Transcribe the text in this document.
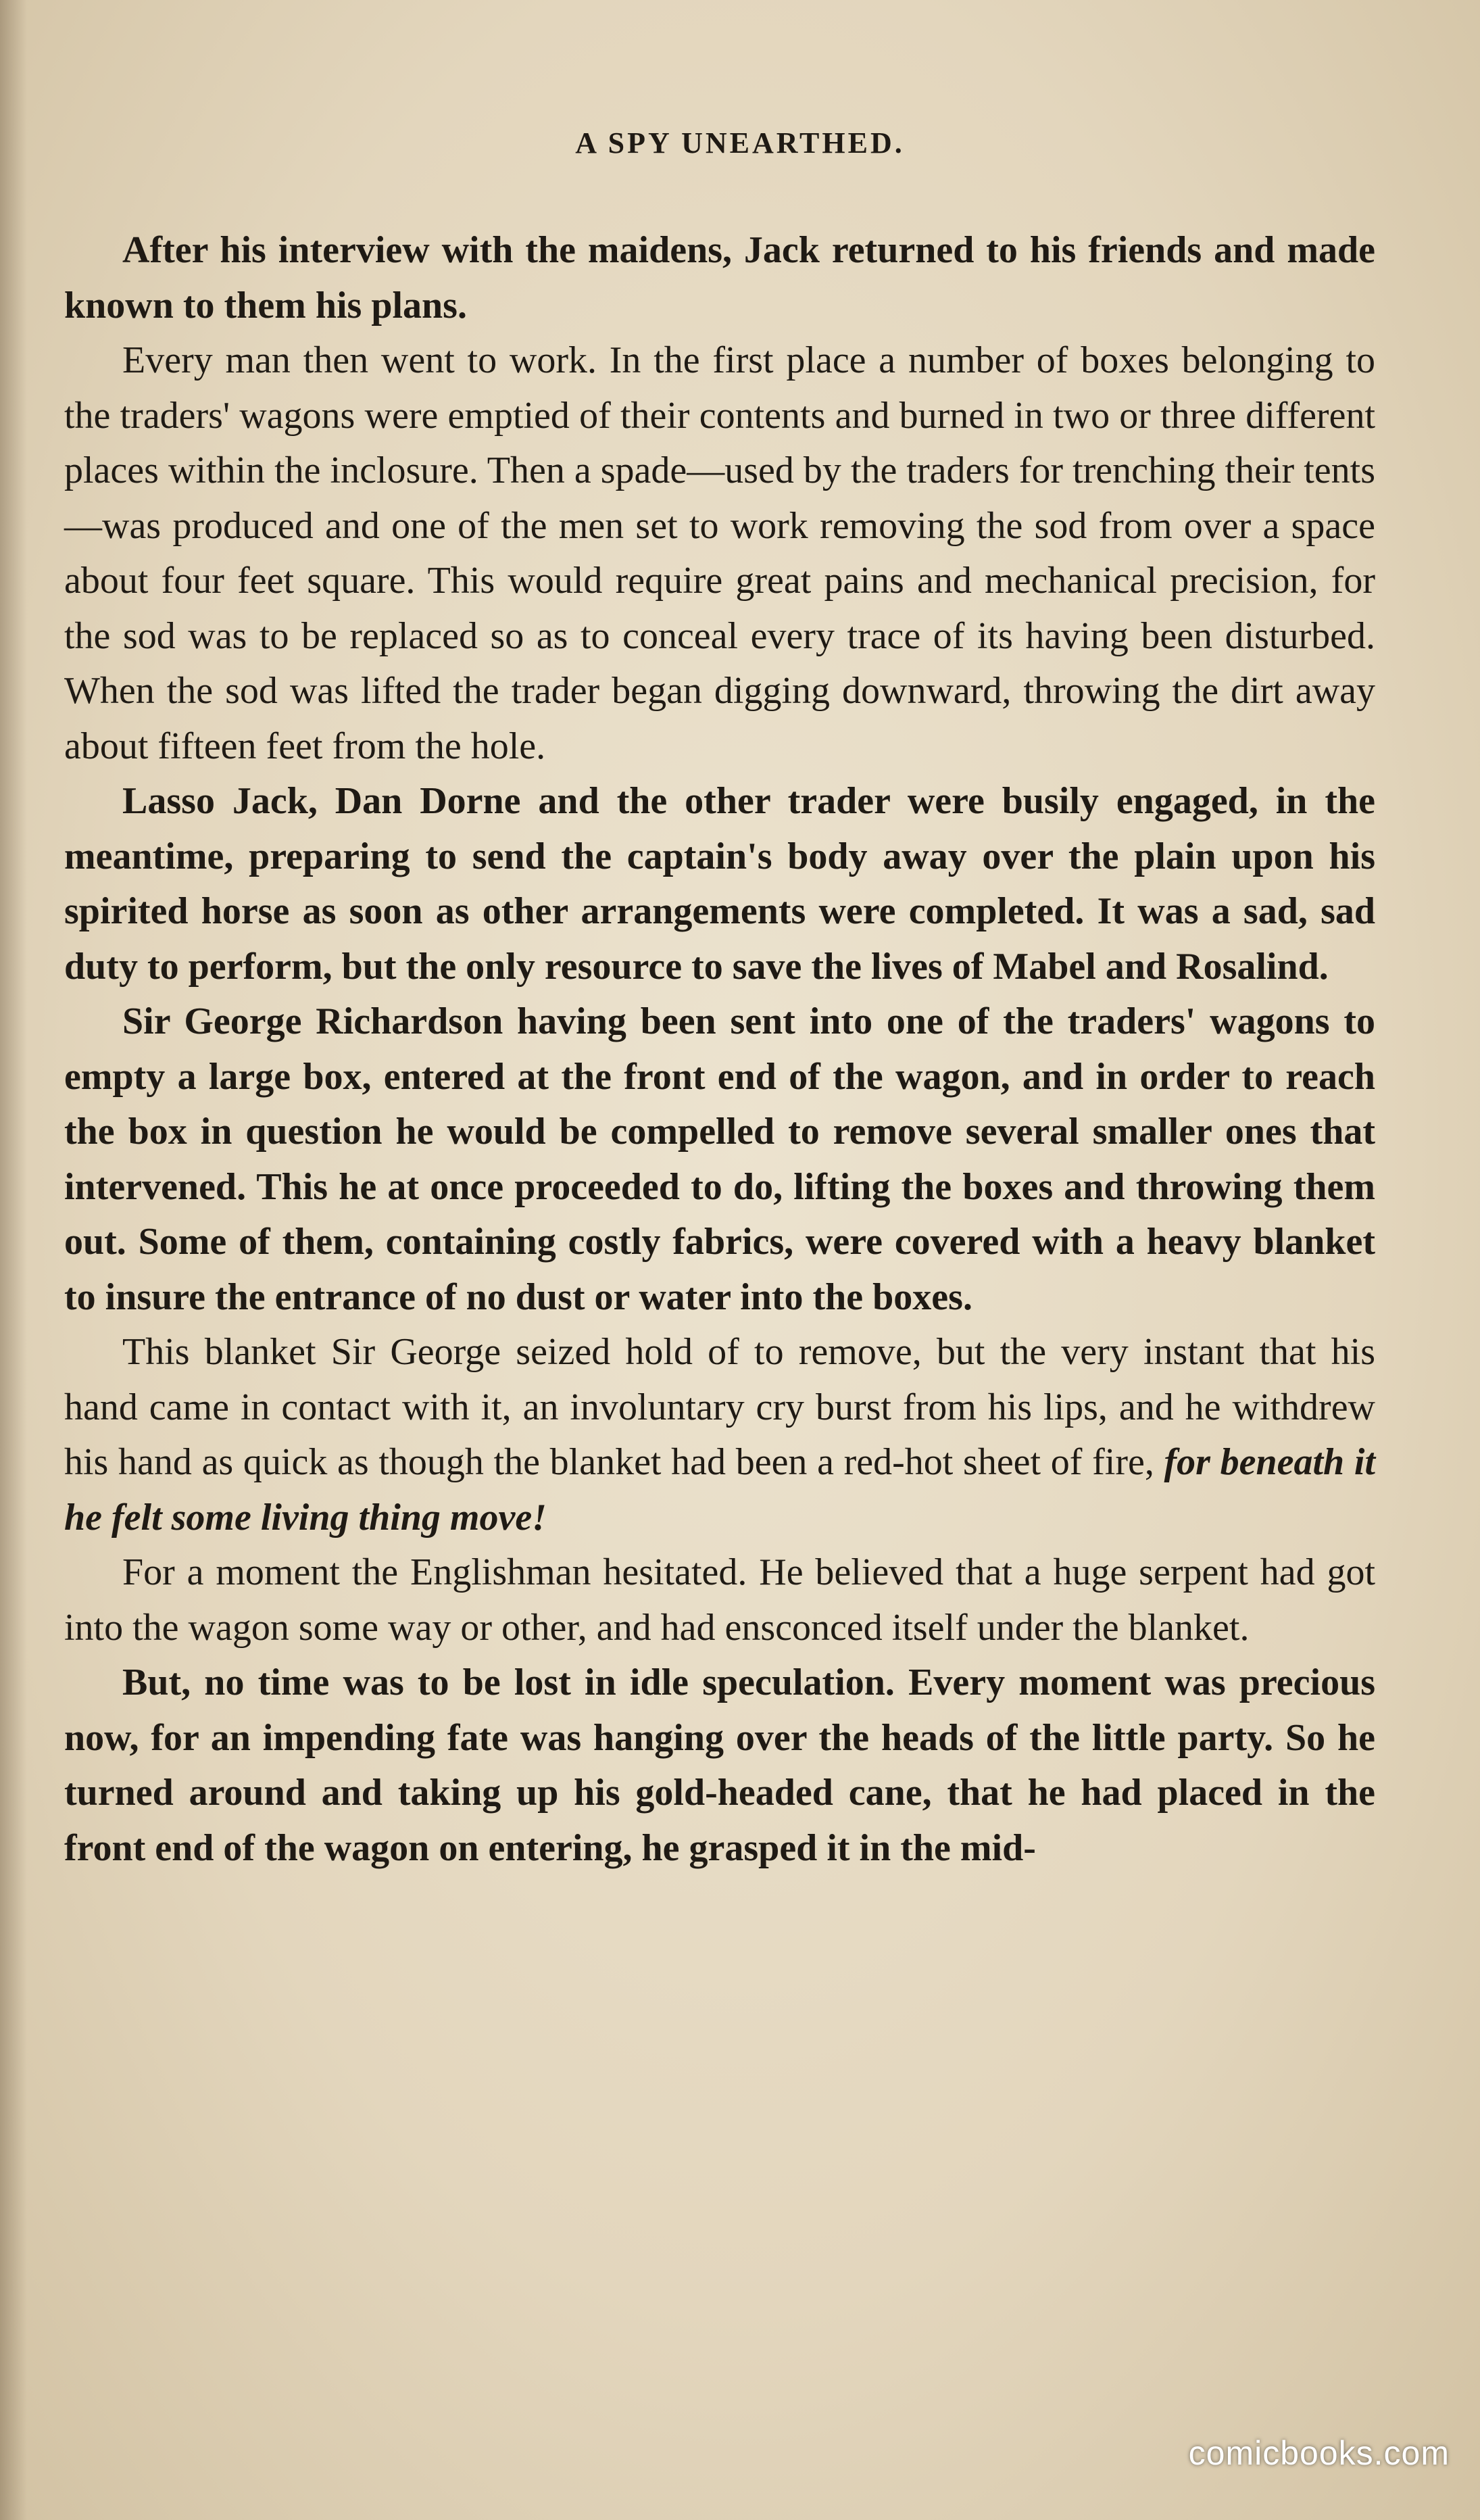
A SPY UNEARTHED.

After his interview with the maidens, Jack returned to his friends and made known to them his plans.

Every man then went to work. In the first place a number of boxes belonging to the traders' wagons were emptied of their contents and burned in two or three different places within the inclosure. Then a spade—used by the traders for trenching their tents—was produced and one of the men set to work removing the sod from over a space about four feet square. This would require great pains and mechanical precision, for the sod was to be replaced so as to conceal every trace of its having been disturbed. When the sod was lifted the trader began digging downward, throwing the dirt away about fifteen feet from the hole.

Lasso Jack, Dan Dorne and the other trader were busily engaged, in the meantime, preparing to send the captain's body away over the plain upon his spirited horse as soon as other arrangements were completed. It was a sad, sad duty to perform, but the only resource to save the lives of Mabel and Rosalind.

Sir George Richardson having been sent into one of the traders' wagons to empty a large box, entered at the front end of the wagon, and in order to reach the box in question he would be compelled to remove several smaller ones that intervened. This he at once proceeded to do, lifting the boxes and throwing them out. Some of them, containing costly fabrics, were covered with a heavy blanket to insure the entrance of no dust or water into the boxes.

This blanket Sir George seized hold of to remove, but the very instant that his hand came in contact with it, an involuntary cry burst from his lips, and he withdrew his hand as quick as though the blanket had been a red-hot sheet of fire, for beneath it he felt some living thing move!

For a moment the Englishman hesitated. He believed that a huge serpent had got into the wagon some way or other, and had ensconced itself under the blanket.

But, no time was to be lost in idle speculation. Every moment was precious now, for an impending fate was hanging over the heads of the little party. So he turned around and taking up his gold-headed cane, that he had placed in the front end of the wagon on entering, he grasped it in the mid-

comicbooks.com
